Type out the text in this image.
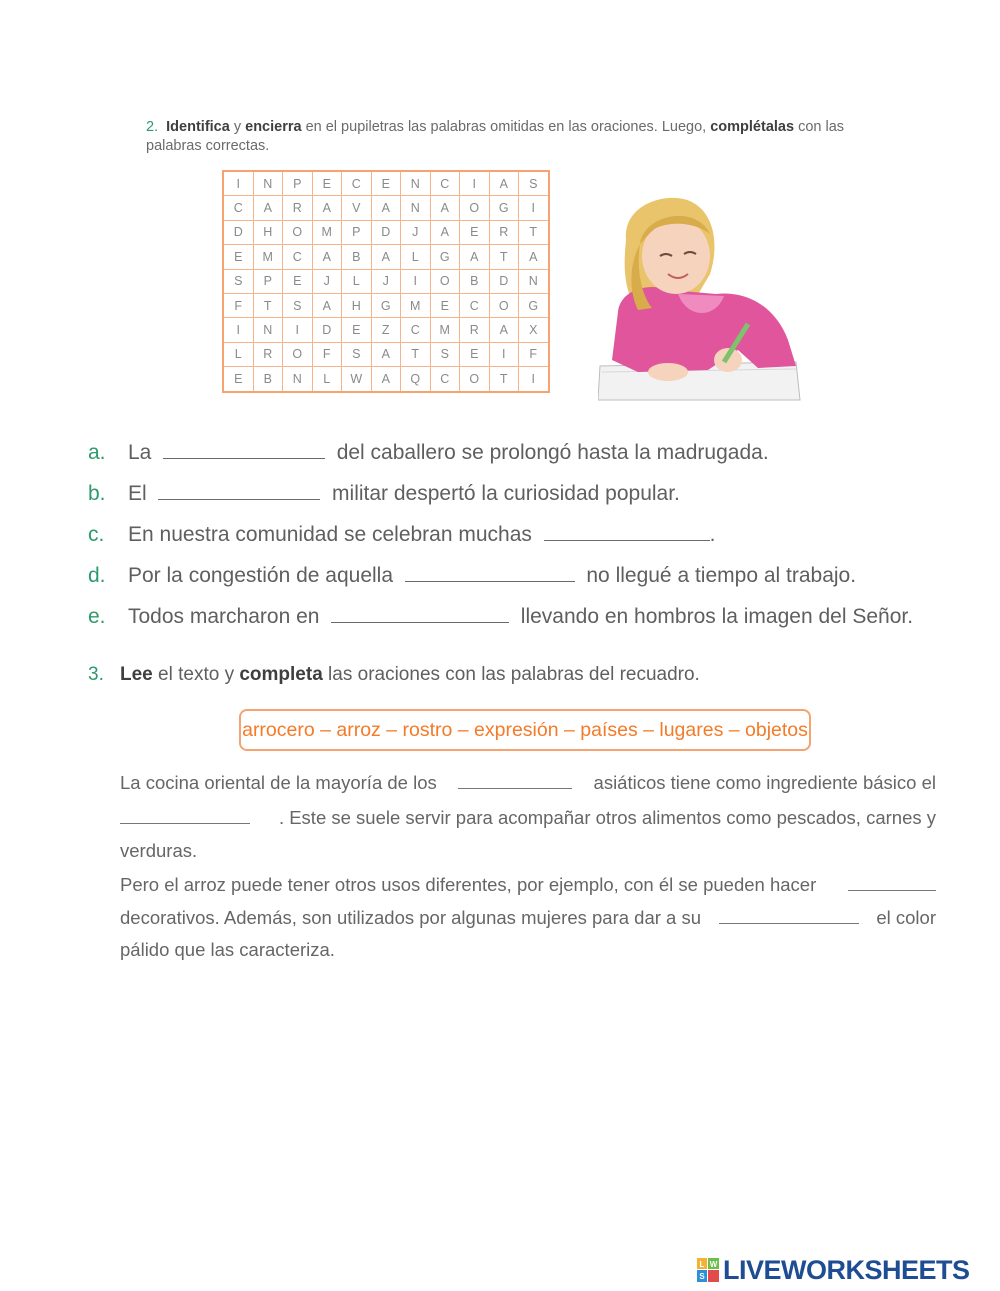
2. Identifica y encierra en el pupiletras las palabras omitidas en las oraciones. Luego, complétalas con las palabras correctas.
I	N	P	E	C	E	N	C	I	A	S
C	A	R	A	V	A	N	A	O	G	I
D	H	O	M	P	D	J	A	E	R	T
E	M	C	A	B	A	L	G	A	T	A
S	P	E	J	L	J	I	O	B	D	N
F	T	S	A	H	G	M	E	C	O	G
I	N	I	D	E	Z	C	M	R	A	X
L	R	O	F	S	A	T	S	E	I	F
E	B	N	L	W	A	Q	C	O	T	I
a. La	del caballero se prolongó hasta la madrugada.
b. El	militar despertó la curiosidad popular.
c. En nuestra comunidad se celebran muchas	.
d. Por la congestión de aquella	no llegué a tiempo al trabajo.
e. Todos marcharon en	llevando en hombros la imagen del Señor.
3. Lee el texto y completa las oraciones con las palabras del recuadro.
arrocero – arroz – rostro – expresión – países – lugares – objetos
La cocina oriental de la mayoría de los	asiáticos tiene como ingrediente básico el
. Este se suele servir para acompañar otros alimentos como pescados, carnes y
verduras.
Pero el arroz puede tener otros usos diferentes, por ejemplo, con él se pueden hacer
decorativos. Además, son utilizados por algunas mujeres para dar a su	el color
pálido que las caracteriza.
L W
S LIVEWORKSHEETS
